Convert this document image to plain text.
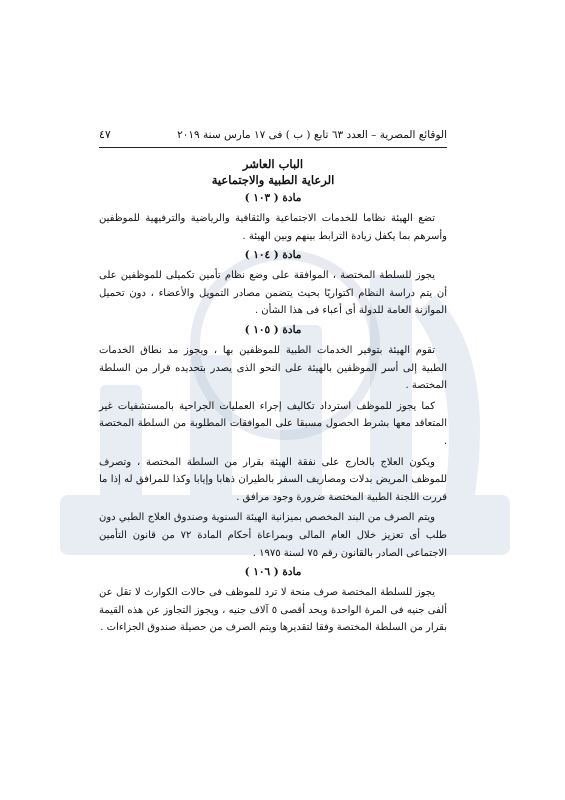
الوقائع المصرية – العدد ٦٣ تابع ( ب ) فى ١٧ مارس سنة ٢٠١٩
٤٧
الباب العاشر
الرعاية الطبية والاجتماعية
مادة ( ١٠٣ )

تضع الهيئة نظاما للخدمات الاجتماعية والثقافية والرياضية والترفيهية للموظفين وأسرهم بما يكفل زيادة الترابط بينهم وبين الهيئة .

مادة ( ١٠٤ )

يجوز للسلطة المختصة ، الموافقة على وضع نظام تأمين تكميلى للموظفين على أن يتم دراسة النظام اكتواريًا بحيث يتضمن مصادر التمويل والأعضاء ، دون تحميل الموازنة العامة للدولة أى أعباء فى هذا الشأن .

مادة ( ١٠٥ )

تقوم الهيئة بتوفير الخدمات الطبية للموظفين بها ، ويجوز مد نطاق الخدمات الطبية إلى أسر الموظفين بالهيئة على النحو الذى يصدر بتحديده قرار من السلطة المختصة .

كما يجوز للموظف استرداد تكاليف إجراء العمليات الجراحية بالمستشفيات غير المتعاقد معها بشرط الحصول مسبقا على الموافقات المطلوبة من السلطة المختصة .

ويكون العلاج بالخارج على نفقة الهيئة بقرار من السلطة المختصة ، وتصرف للموظف المريض بدلات ومصاريف السفر بالطيران ذهابا وإيابا وكذا للمرافق له إذا ما قررت اللجنة الطبية المختصة ضرورة وجود مرافق .

ويتم الصرف من البند المخصص بميزانية الهيئة السنوية وصندوق العلاج الطبي دون طلب أى تعزيز خلال العام المالى وبمراعاة أحكام المادة ٧٢ من قانون التأمين الاجتماعى الصادر بالقانون رقم ٧٥ لسنة ١٩٧٥ .

مادة ( ١٠٦ )

يجوز للسلطة المختصة صرف منحة لا ترد للموظف فى حالات الكوارث لا تقل عن ألفى جنيه فى المرة الواحدة وبحد أقصى ٥ آلاف جنيه ، ويجوز التجاوز عن هذه القيمة بقرار من السلطة المختصة وفقا لتقديرها ويتم الصرف من حصيلة صندوق الجزاءات .
